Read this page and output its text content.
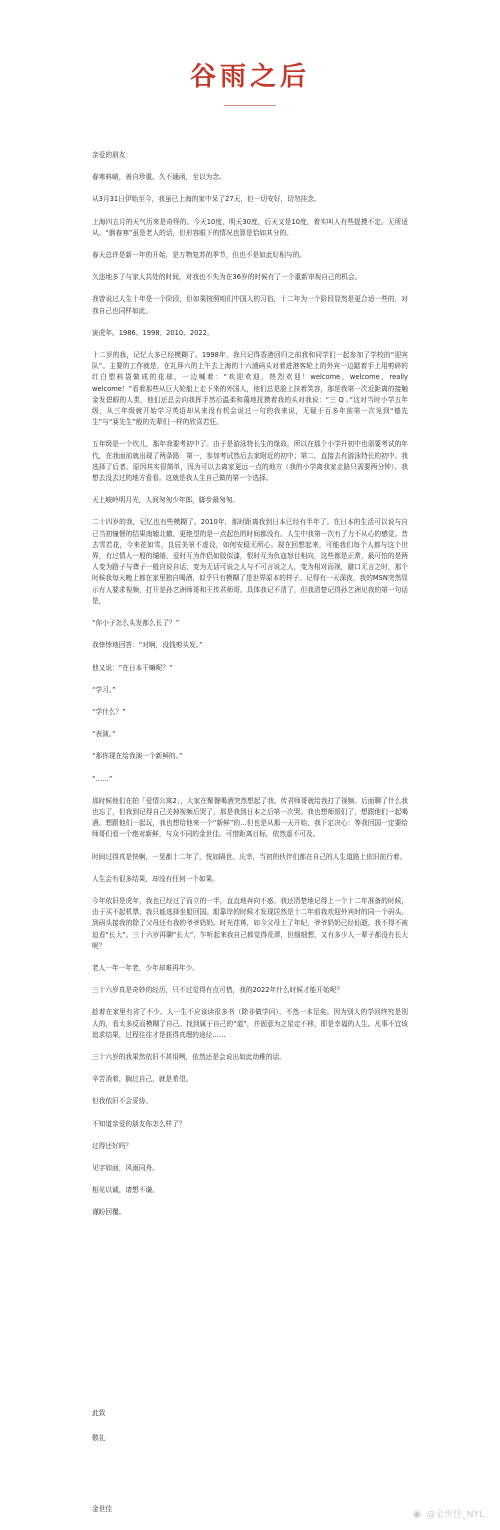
谷雨之后

亲爱的朋友：

春寒料峭，善自珍重。久不通函，至以为念。

从3月31日伊始至今，我虽已上海的家中呆了27天，但一切安好，切勿挂念。

上海四五月的天气历来是奇怪的。今天10度，明天30度，后天又是10度，着实叫人有些捉摸不定。无所适从。“倒春寒”虽是老人的话，但形容眼下的情况也算是恰如其分的。

春天总许是新一年的开始，是万物复苏的季节，但也不是如此好相与的。

久违地多了与家人共处的时间，对我也不失为在36岁的时候有了一个重新审视自己的机会。

我曾说过人生十年是一个阶段，但如果按照咱们中国人的习俗，十二年为一个阶段显然是更合适一些的，对我自己也同样如此。

寅虎年。1986、1998、2010、2022。

十二岁的我，记忆大多已经模糊了。1998年，我只记得香港回归之前我和同学们一起参加了学校的“迎宾队”。主要的工作就是，在礼拜六的上午去上海的十六浦码头对着进港客轮上的外宾一边踮着手上用剪碎的红白塑料袋做成的花球，一边喊着：“欢迎欢迎，热烈欢迎！welcome，welcome，really welcome！”看着那些从巨大轮船上走下来的外国人，他们总是脸上挂着笑容，那是我第一次近距离的接触金发碧眼的人类，他们还总会向我挥手然后温柔和蔼地抚摸着我的头对我说：“三 Q 。”这对当时小学五年级，从三年级就开始学习英语却从来没有机会说过一句的我来说，无疑于百多年前第一次见到“德先生”与“赛先生”般的先辈们一样的欣喜若狂。

五年级是一个坎儿，那年我要考初中了。由于是游泳特长生的缘故，所以在那个小学升初中也需要考试的年代，在我面前就出现了两条路：第一，参加考试然后去家附近的初中；第二，直接去有游泳特长的初中。我选择了后者。原因其实很简单，因为可以去离家更远一点的地方（我的小学离我家走路只需要两分钟）。我想去没去过的地方看看。这就是我人生自己做的第一个选择。

天上峻岭明月光，人间匆匆少年郎，脚步最匆匆。

二十四岁的我，记忆也有些模糊了。2010年，那时距离我到日本已经有半年了。在日本的生活可以说与自己当初憧憬的结果南辕北辙，更绝望的是一点起色的时间都没有。人生中我第一次有了力不从心的感觉。昔去雪若花，今来花如雪，良辰美景不虚设，如何安稳无所心。现在回想起来，可能我们每个人都与这个世界，有过情人一般的缱绻，爱时互为伴侣如胶似漆，恨时互为仇寇怒目相向，这些都是正常，最可怕的是两人变为路子与聋子一般自说自话，变为无话可说之人与不可言说之人，变为相对而视，避口无言之时，那个时候我每天晚上都在家里独自喝酒，似乎只有模糊了是世界原本的样子。记得有一天深夜，我的MSN突然显示有人要求视频，打开是孙艺洲师哥和王传君师哥。具体我记不清了，但我清楚记得孙艺洲见我的第一句话是，

“你小子怎么头发都么长了？”

我悻悻地回答：“对啊，没钱剪头发。”

他又说：“在日本干嘛呢？”

“学习。”

“学什么？”

“表演。”

“那你现在给我演一个新鲜的。”

“……”

那时候他们在拍「爱情公寓2」，大家在聚餐喝酒突然想起了我。传君师哥就给我打了视频。后面聊了什么我也忘了，但我到记得自己关掉视频后哭了，那是我到日本之后第一次哭。我也想师哥们了，想跟他们一起喝酒，想跟他们一起玩，我也想给他来一个“新鲜”的…但也是从那一天开始，我下定决心：等我回国一定要给师哥们看一个绝对新鲜，与众不同的金世佳。可惜距离目标，依然遥不可及。

时间过得真是快啊，一晃都十二年了，恍如隔世。庆幸，当初的伙伴们都在自己的人生道路上依旧前行着。

人生会有很多结果，却没有任何一个如果。

今年依旧是虎年，我也已经过了而立的一半，直直地奔向不惑。我还清楚地记得上一个十二年准备的时候，由于买不起机票，我只能选择坐船回国。船靠岸的时候才发现居然是十二年前我欢迎外宾时的同一个码头。到码头接我的除了父母还有我的爷爷奶奶。时光荏苒，如今父母上了年纪，爷爷奶奶已经仙逝，我不得不被迫看“长大”。三十六岁再聊“长大”，乍听起来我自己都觉得荒谬，但细细想，又有多少人一辈子都没有长大呢？

老人一年一年老，少年却难再年少。

三十六岁真是奇妙的经历，只不过觉得有点可惜，我的2022年什么时候才能开始呢？

趁着在家里有省了不少。人一生不应该读很多书（除非做学问），不然一本足矣。因为别人的学问终究是别人的，看太多反而模糊了自己。找到属于自己的“道”，并固意为之星定不移，即是幸福的人生。凡事不宜该追求结果，过程往往才是获得真理的途径……

三十六岁的我果然依旧不甚用咧，依然还是会说出如此幼稚的话。

辛苦消着，搁过自己，就是希望。

但我依旧不会妥协。

不知道亲爱的朋友你怎么样了？

过得还好吗？

见字如面，风雨同舟。

相见以诚，请想不谦。

谨盼回覆。

此致
敬礼
金世佳	◉ @金世佳_NYL
